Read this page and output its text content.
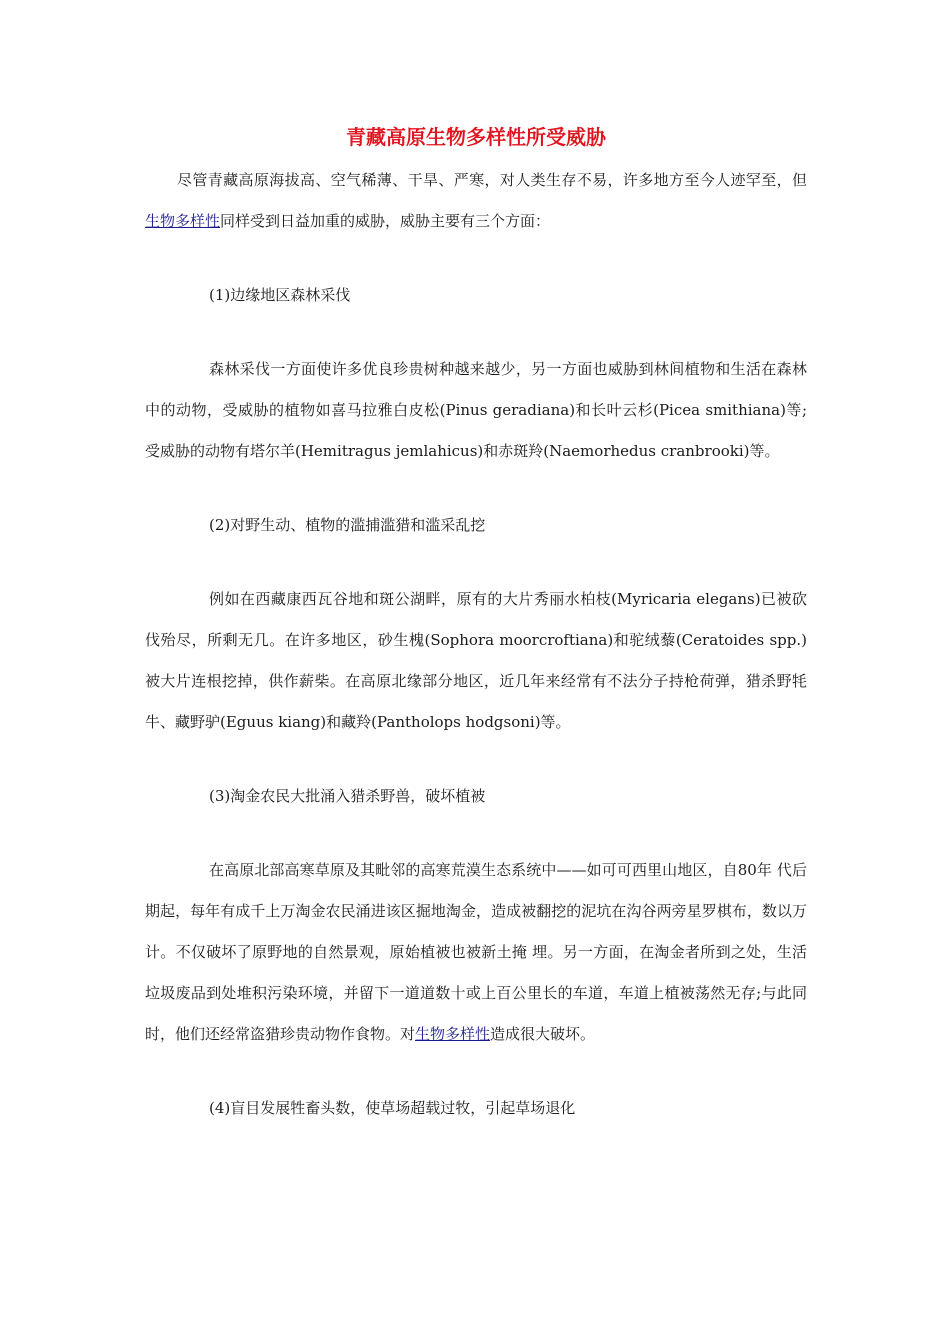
青藏高原生物多样性所受威胁

尽管青藏高原海拔高、空气稀薄、干旱、严寒，对人类生存不易，许多地方至今人迹罕至，但生物多样性同样受到日益加重的威胁，威胁主要有三个方面：

(1)边缘地区森林采伐

森林采伐一方面使许多优良珍贵树种越来越少，另一方面也威胁到林间植物和生活在森林中的动物，受威胁的植物如喜马拉雅白皮松(Pinus geradiana)和长叶云杉(Picea smithiana)等;受威胁的动物有塔尔羊(Hemitragus jemlahicus)和赤斑羚(Naemorhedus cranbrooki)等。

(2)对野生动、植物的滥捕滥猎和滥采乱挖

例如在西藏康西瓦谷地和斑公湖畔，原有的大片秀丽水柏枝(Myricaria elegans)已被砍伐殆尽，所剩无几。在许多地区，砂生槐(Sophora moorcroftiana)和驼绒藜(Ceratoides spp.)被大片连根挖掉，供作薪柴。在高原北缘部分地区，近几年来经常有不法分子持枪荷弹，猎杀野牦牛、藏野驴(Eguus kiang)和藏羚(Pantholops hodgsoni)等。

(3)淘金农民大批涌入猎杀野兽，破坏植被

在高原北部高寒草原及其毗邻的高寒荒漠生态系统中——如可可西里山地区，自80年 代后期起，每年有成千上万淘金农民涌进该区掘地淘金，造成被翻挖的泥坑在沟谷两旁星罗棋布，数以万计。不仅破坏了原野地的自然景观，原始植被也被新土掩 埋。另一方面，在淘金者所到之处，生活垃圾废品到处堆积污染环境，并留下一道道数十或上百公里长的车道，车道上植被荡然无存;与此同时，他们还经常盗猎珍贵动物作食物。对生物多样性造成很大破坏。

(4)盲目发展牲畜头数，使草场超载过牧，引起草场退化
